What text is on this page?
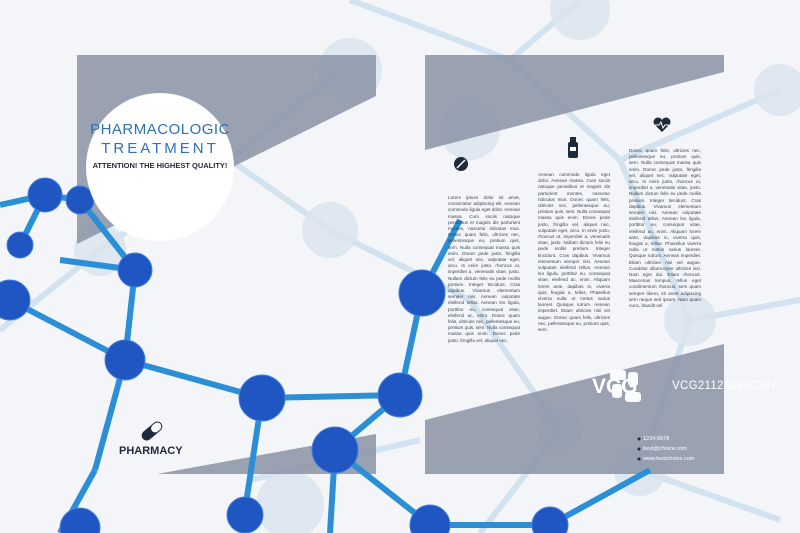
PHARMACOLOGIC
TREATMENT
ATTENTION! THE HIGHEST QUALITY!
Lorem ipsum dolor sit amet, consectetur adipiscing elit. Aenean commodo ligula eget dolor. Aenean massa. Cum sociis natoque penatibus et magnis dis parturient montes, nascetur ridiculus mus. Donec quam felis, ultricies nec, pellentesque eu, pretium quis, sem. Nulla consequat massa quis enim. Donec pede justo, fringilla vel, aliquet nec, vulputate eget, arcu. In enim justo, rhoncus ut, imperdiet a, venenatis vitae, justo. Nullam dictum felis eu pede mollis pretium. Integer tincidunt. Cras dapibus. Vivamus elementum semper nisi. Aenean vulputate eleifend tellus. Aenean leo ligula, porttitor eu, consequat vitae, eleifend ac, enim. Donec quam felis, ultricies nec, pellentesque eu, pretium quis, sem. Nulla consequat massa quis enim. Donec pede justo, fringilla vel, aliquet nec.
Aenean commodo ligula eget dolor. Aenean massa. Cum sociis natoque penatibus et magnis dis parturient montes, nascetur ridiculus mus. Donec quam felis, ultricies nec, pellentesque eu, pretium quis, sem. Nulla consequat massa quis enim. Donec pede justo, fringilla vel, aliquet nec, vulputate eget, arcu. In enim justo, rhoncus ut, imperdiet a, venenatis vitae, justo. Nullam dictum felis eu pede mollis pretium. Integer tincidunt. Cras dapibus. Vivamus elementum semper nisi. Aenean vulputate eleifend tellus. Aenean leo ligula, porttitor eu, consequat vitae, eleifend ac, enim. Aliquam lorem ante, dapibus in, viverra quis, feugiat a, tellus. Phasellus viverra nulla ut metus varius laoreet. Quisque rutrum. Aenean imperdiet. Etiam ultricies nisi vel augue. Donec quam felis, ultricies nec, pellentesque eu, pretium quis, sem.
Donec quam felis, ultricies nec, pellentesque eu, pretium quis, sem. Nulla consequat massa quis enim. Donec pede justo, fringilla vel, aliquet nec, vulputate eget, arcu. In enim justo, rhoncus ut, imperdiet a, venenatis vitae, justo. Nullam dictum felis eu pede mollis pretium. Integer tincidunt. Cras dapibus. Vivamus elementum semper nisi. Aenean vulputate eleifend tellus. Aenean leo ligula, porttitor eu, consequat vitae, eleifend ac, enim. Aliquam lorem ante, dapibus in, viverra quis, feugiat a, tellus. Phasellus viverra nulla ut metus varius laoreet. Quisque rutrum. Aenean imperdiet. Etiam ultricies nisi vel augue. Curabitur ullamcorper ultricies nisi. Nam eget dui. Etiam rhoncus. Maecenas tempus, tellus eget condimentum rhoncus, sem quam semper libero, sit amet adipiscing sem neque sed ipsum. Nam quam nunc, blandit vel.
1234-5678
best@choice.com
www.bestchoice.com
PHARMACY
VCG21124285030​7
VCG
